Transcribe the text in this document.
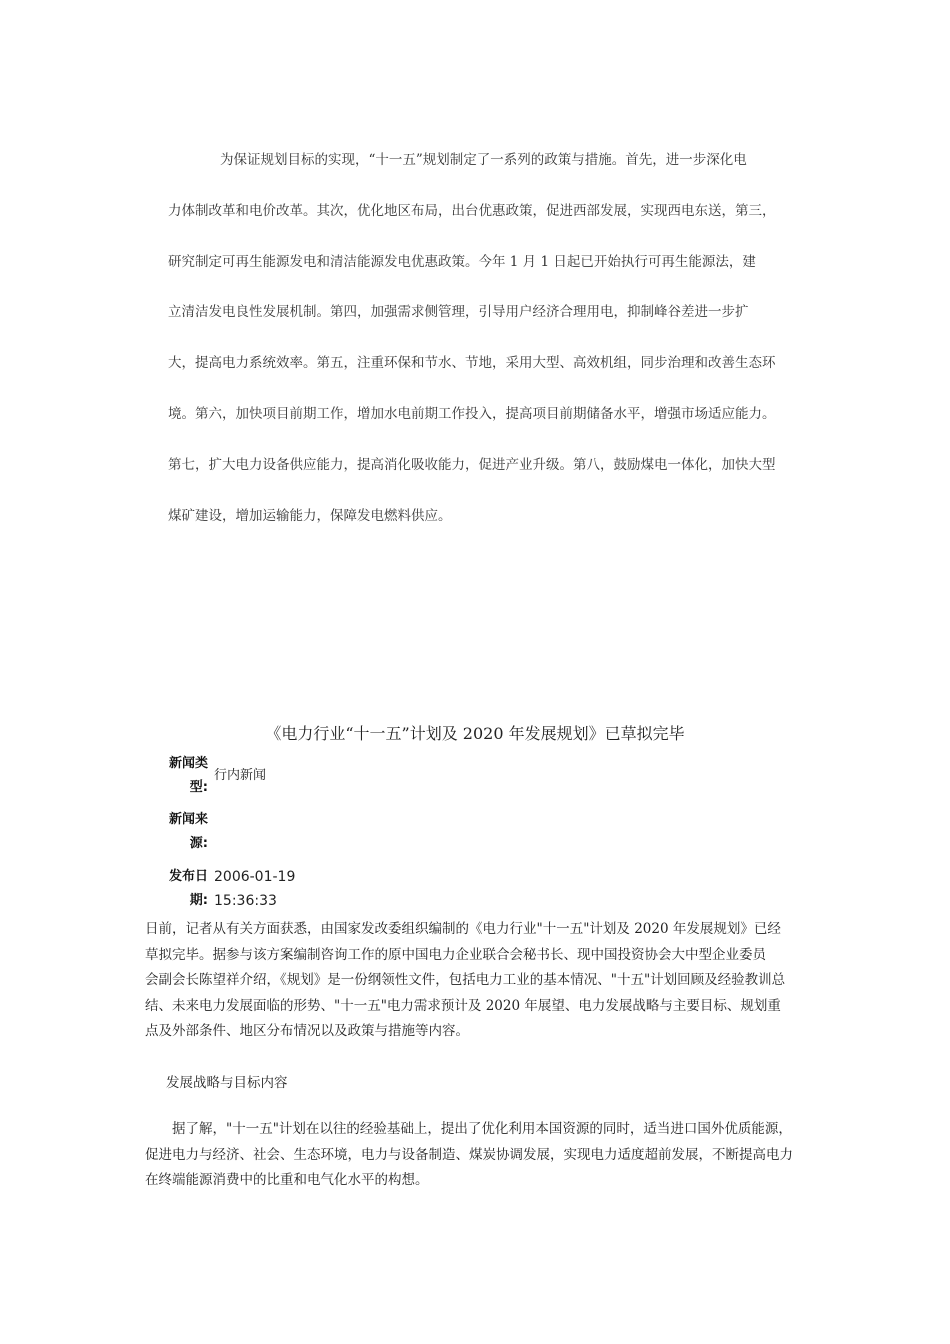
为保证规划目标的实现，“十一五”规划制定了一系列的政策与措施。首先，进一步深化电
力体制改革和电价改革。其次，优化地区布局，出台优惠政策，促进西部发展，实现西电东送，第三，
研究制定可再生能源发电和清洁能源发电优惠政策。今年 1 月 1 日起已开始执行可再生能源法，建
立清洁发电良性发展机制。第四，加强需求侧管理，引导用户经济合理用电，抑制峰谷差进一步扩
大，提高电力系统效率。第五，注重环保和节水、节地，采用大型、高效机组，同步治理和改善生态环
境。第六，加快项目前期工作，增加水电前期工作投入，提高项目前期储备水平，增强市场适应能力。
第七，扩大电力设备供应能力，提高消化吸收能力，促进产业升级。第八，鼓励煤电一体化，加快大型
煤矿建设，增加运输能力，保障发电燃料供应。
《电力行业“十一五”计划及 2020 年发展规划》已草拟完毕
新闻类
型:
行内新闻
新闻来
源:
发布日
期:
2006-01-19
15:36:33
日前，记者从有关方面获悉，由国家发改委组织编制的《电力行业"十一五"计划及 2020 年发展规划》已经
草拟完毕。据参与该方案编制咨询工作的原中国电力企业联合会秘书长、现中国投资协会大中型企业委员
会副会长陈望祥介绍，《规划》是一份纲领性文件，包括电力工业的基本情况、"十五"计划回顾及经验教训总
结、未来电力发展面临的形势、"十一五"电力需求预计及 2020 年展望、电力发展战略与主要目标、规划重
点及外部条件、地区分布情况以及政策与措施等内容。
发展战略与目标内容
据了解，"十一五"计划在以往的经验基础上，提出了优化利用本国资源的同时，适当进口国外优质能源，
促进电力与经济、社会、生态环境，电力与设备制造、煤炭协调发展，实现电力适度超前发展，不断提高电力
在终端能源消费中的比重和电气化水平的构想。
